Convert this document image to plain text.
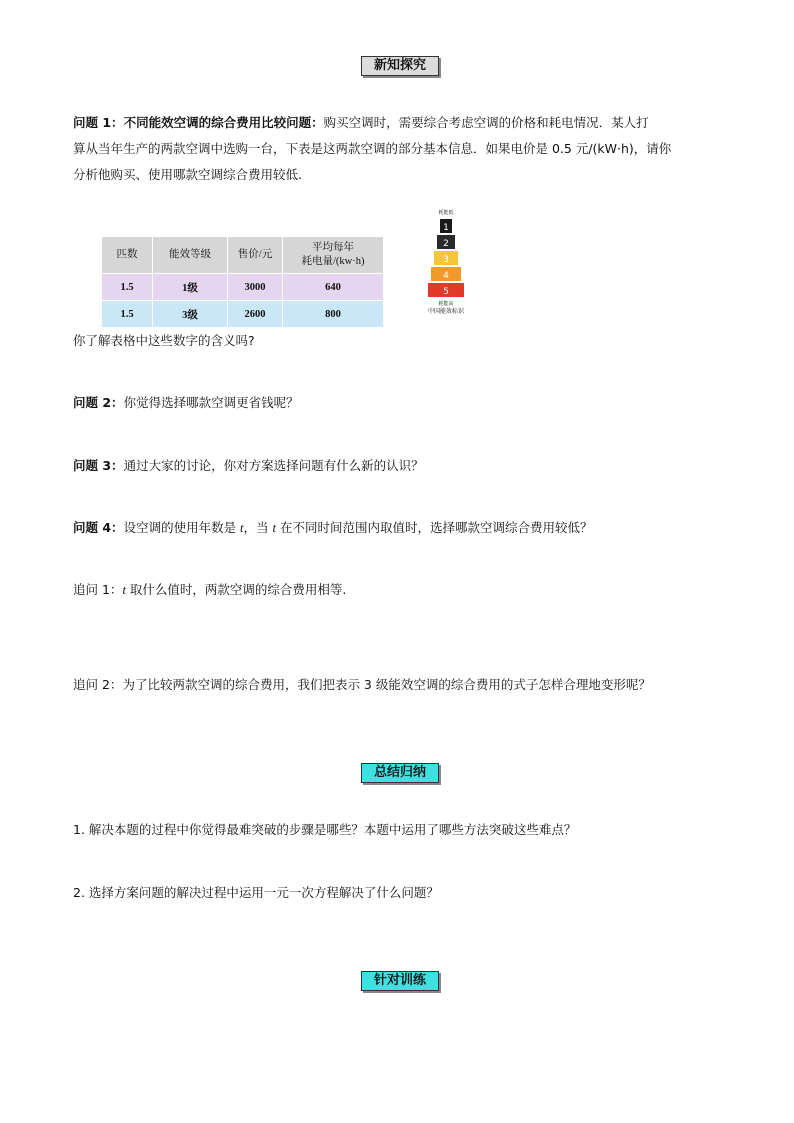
新知探究
问题 1：不同能效空调的综合费用比较问题：购买空调时，需要综合考虑空调的价格和耗电情况．某人打
算从当年生产的两款空调中选购一台，下表是这两款空调的部分基本信息．如果电价是 0.5 元/(kW·h)，请你
分析他购买、使用哪款空调综合费用较低.
匹数	能效等级	售价/元	平均每年
耗电量/(kw·h)

1.5	1级	3000	640
1.5	3级	2600	800
耗能低
1
2
3
4
5
耗能高
中国能效标识
你了解表格中这些数字的含义吗?
问题 2：你觉得选择哪款空调更省钱呢？
问题 3：通过大家的讨论，你对方案选择问题有什么新的认识？
问题 4：设空调的使用年数是 t，当 t 在不同时间范围内取值时，选择哪款空调综合费用较低？
追问 1：t 取什么值时，两款空调的综合费用相等.
追问 2：为了比较两款空调的综合费用，我们把表示 3 级能效空调的综合费用的式子怎样合理地变形呢？
总结归纳
1. 解决本题的过程中你觉得最难突破的步骤是哪些？本题中运用了哪些方法突破这些难点？
2. 选择方案问题的解决过程中运用一元一次方程解决了什么问题？
针对训练
